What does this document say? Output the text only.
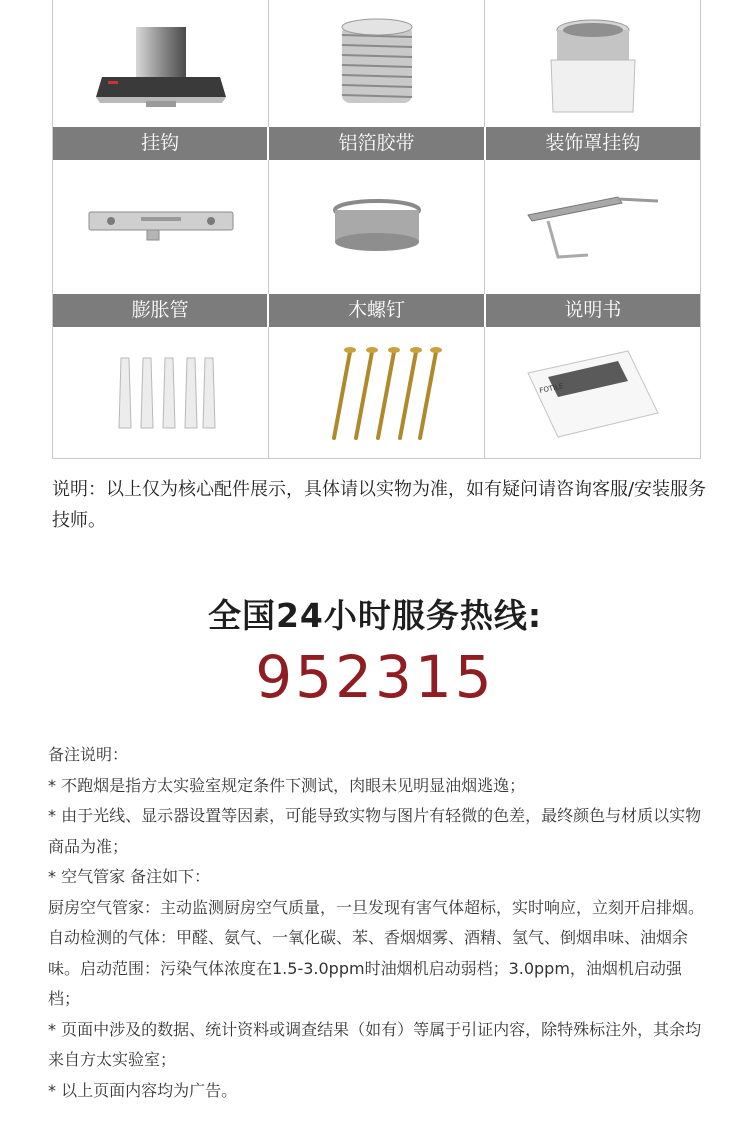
挂钩	铝箔胶带	装饰罩挂钩
膨胀管	木螺钉	说明书
FOTILE
说明：以上仅为核心配件展示，具体请以实物为准，如有疑问请咨询客服/安装服务技师。
全国24小时服务热线:
952315

备注说明：

* 不跑烟是指方太实验室规定条件下测试，肉眼未见明显油烟逃逸；

* 由于光线、显示器设置等因素，可能导致实物与图片有轻微的色差，最终颜色与材质以实物商品为准；

* 空气管家 备注如下：

厨房空气管家：主动监测厨房空气质量，一旦发现有害气体超标，实时响应，立刻开启排烟。自动检测的气体：甲醛、氨气、一氧化碳、苯、香烟烟雾、酒精、氢气、倒烟串味、油烟余味。启动范围：污染气体浓度在1.5-3.0ppm时油烟机启动弱档；3.0ppm，油烟机启动强档；

* 页面中涉及的数据、统计资料或调查结果（如有）等属于引证内容，除特殊标注外，其余均来自方太实验室；

* 以上页面内容均为广告。
